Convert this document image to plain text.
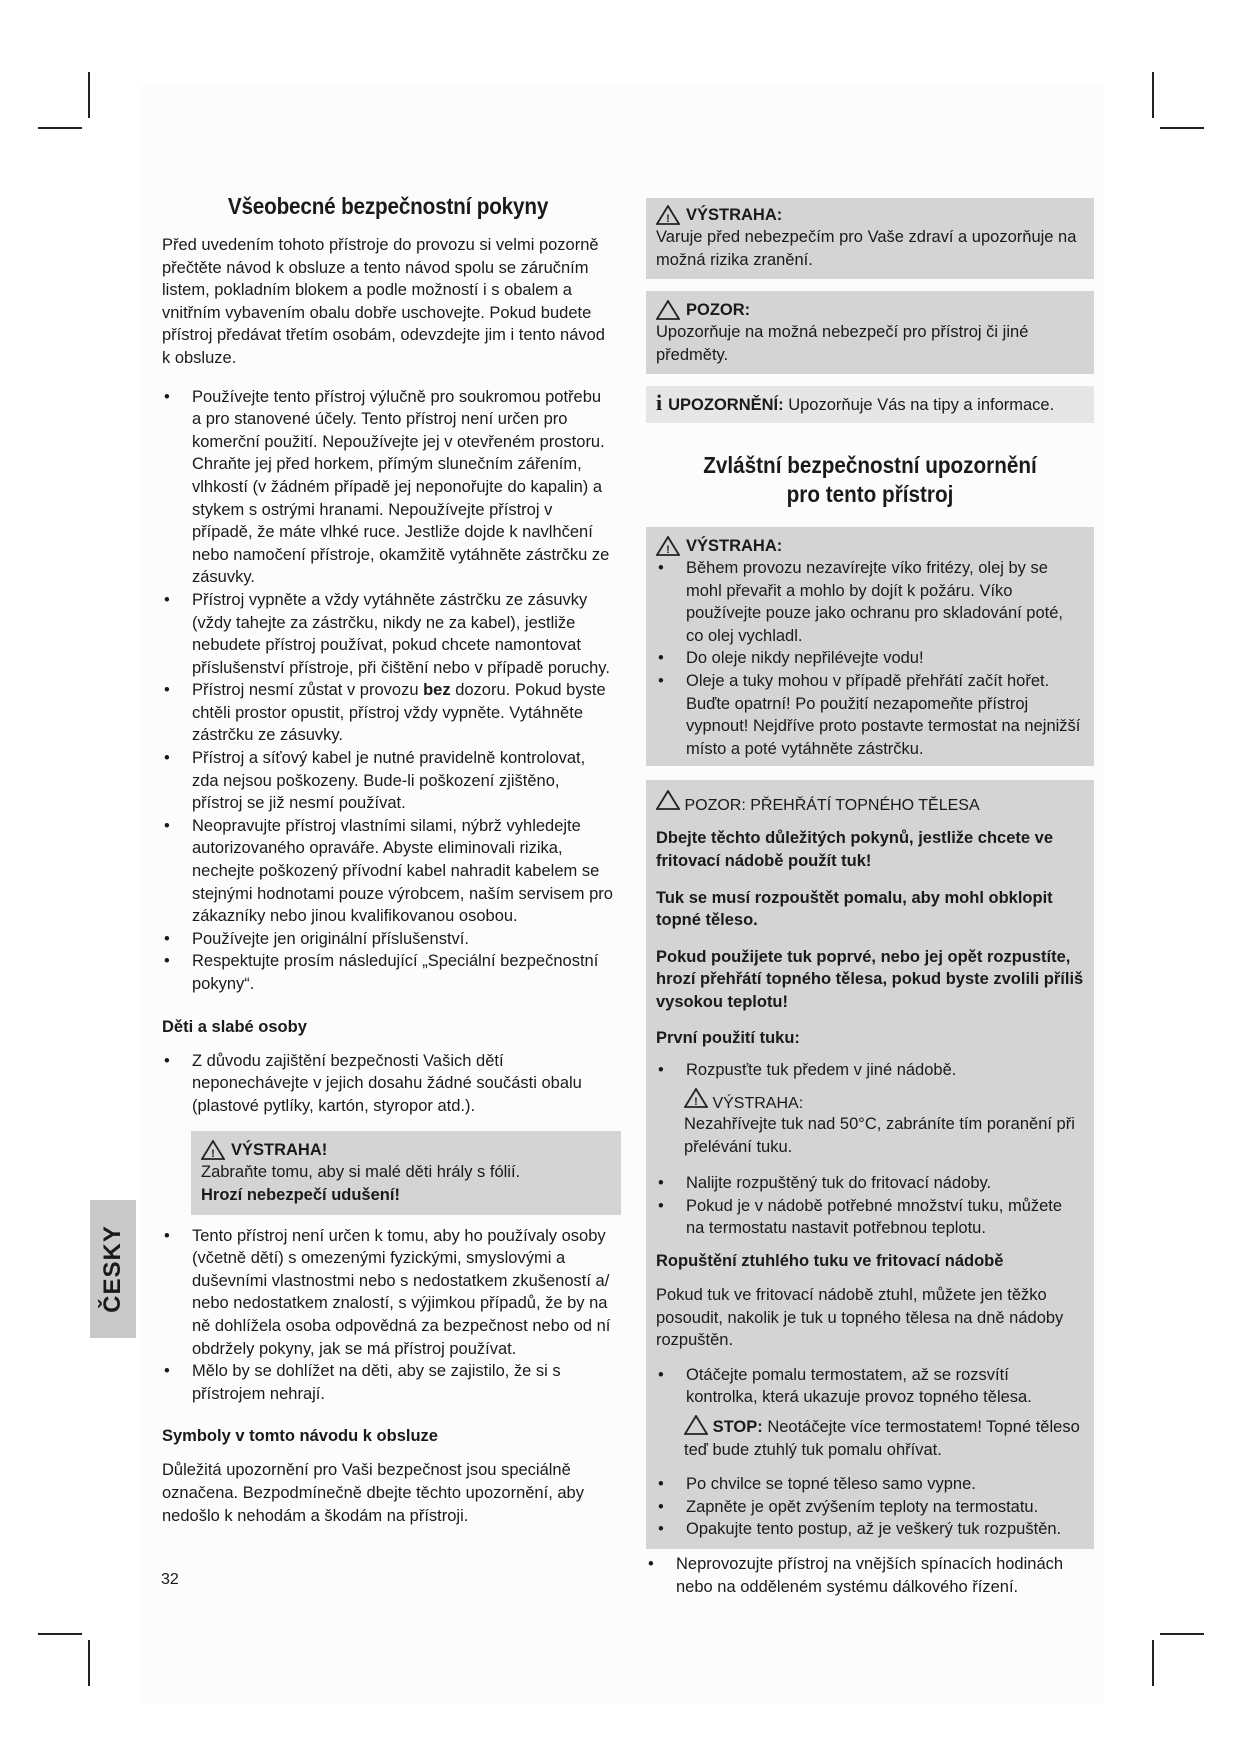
ČESKY
Všeobecné bezpečnostní pokyny

Před uvedením tohoto přístroje do provozu si velmi pozorně přečtěte návod k obsluze a tento návod spolu se záručním listem, pokladním blokem a podle možností i s obalem a vnitřním vybavením obalu dobře uschovejte. Pokud budete přístroj předávat třetím osobám, odevzdejte jim i tento návod k obsluze.

• Používejte tento přístroj výlučně pro soukromou potřebu a pro stanovené účely. Tento přístroj není určen pro komerční použití. Nepoužívejte jej v otevřeném prostoru. Chraňte jej před horkem, přímým slunečním zářením, vlhkostí (v žádném případě jej neponořujte do kapalin) a stykem s ostrými hranami. Nepoužívejte přístroj v případě, že máte vlhké ruce. Jestliže dojde k navlhčení nebo namočení přístroje, okamžitě vytáhněte zástrčku ze zásuvky.
• Přístroj vypněte a vždy vytáhněte zástrčku ze zásuvky (vždy tahejte za zástrčku, nikdy ne za kabel), jestliže nebudete přístroj používat, pokud chcete namontovat příslušenství přístroje, při čištění nebo v případě poruchy.
• Přístroj nesmí zůstat v provozu bez dozoru. Pokud byste chtěli prostor opustit, přístroj vždy vypněte. Vytáhněte zástrčku ze zásuvky.
• Přístroj a síťový kabel je nutné pravidelně kontrolovat, zda nejsou poškozeny. Bude-li poškození zjištěno, přístroj se již nesmí používat.
• Neopravujte přístroj vlastními silami, nýbrž vyhledejte autorizovaného opraváře. Abyste eliminovali rizika, nechejte poškozený přívodní kabel nahradit kabelem se stejnými hodnotami pouze výrobcem, naším servisem pro zákazníky nebo jinou kvalifikovanou osobou.
• Používejte jen originální příslušenství.
• Respektujte prosím následující „Speciální bezpečnostní pokyny“.
Děti a slabé osoby
• Z důvodu zajištění bezpečnosti Vašich dětí neponechávejte v jejich dosahu žádné součásti obalu (plastové pytlíky, kartón, styropor atd.).
! VÝSTRAHA!
Zabraňte tomu, aby si malé děti hrály s fólií.
Hrozí nebezpečí udušení!
• Tento přístroj není určen k tomu, aby ho používaly osoby (včetně dětí) s omezenými fyzickými, smyslovými a duševními vlastnostmi nebo s nedostatkem zkušeností a/ nebo nedostatkem znalostí, s výjimkou případů, že by na ně dohlížela osoba odpovědná za bezpečnost nebo od ní obdržely pokyny, jak se má přístroj používat.
• Mělo by se dohlížet na děti, aby se zajistilo, že si s přístrojem nehrají.
Symboly v tomto návodu k obsluze

Důležitá upozornění pro Vaši bezpečnost jsou speciálně označena. Bezpodmínečně dbejte těchto upozornění, aby nedošlo k nehodám a škodám na přístroji.

! VÝSTRAHA:
Varuje před nebezpečím pro Vaše zdraví a upozorňuje na možná rizika zranění.
POZOR:
Upozorňuje na možná nebezpečí pro přístroj či jiné předměty.
i UPOZORNĚNÍ: Upozorňuje Vás na tipy a informace.
Zvláštní bezpečnostní upozornění
pro tento přístroj
! VÝSTRAHA:
• Během provozu nezavírejte víko fritézy, olej by se mohl převařit a mohlo by dojít k požáru. Víko používejte pouze jako ochranu pro skladování poté, co olej vychladl.
• Do oleje nikdy nepřilévejte vodu!
• Oleje a tuky mohou v případě přehřátí začít hořet. Buďte opatrní! Po použití nezapomeňte přístroj vypnout! Nejdříve proto postavte termostat na nejnižší místo a poté vytáhněte zástrčku.
POZOR: PŘEHŘÁTÍ TOPNÉHO TĚLESA

Dbejte těchto důležitých pokynů, jestliže chcete ve fritovací nádobě použít tuk!

Tuk se musí rozpouštět pomalu, aby mohl obklopit topné těleso.

Pokud použijete tuk poprvé, nebo jej opět rozpustíte, hrozí přehřátí topného tělesa, pokud byste zvolili příliš vysokou teplotu!

První použití tuku:
• Rozpusťte tuk předem v jiné nádobě.
! VÝSTRAHA:
Nezahřívejte tuk nad 50°C, zabráníte tím poranění při přelévání tuku.
• Nalijte rozpuštěný tuk do fritovací nádoby.
• Pokud je v nádobě potřebné množství tuku, můžete na termostatu nastavit potřebnou teplotu.
Ropuštění ztuhlého tuku ve fritovací nádobě

Pokud tuk ve fritovací nádobě ztuhl, můžete jen těžko posoudit, nakolik je tuk u topného tělesa na dně nádoby rozpuštěn.

• Otáčejte pomalu termostatem, až se rozsvítí kontrolka, která ukazuje provoz topného tělesa.
STOP: Neotáčejte více termostatem! Topné těleso teď bude ztuhlý tuk pomalu ohřívat.
• Po chvilce se topné těleso samo vypne.
• Zapněte je opět zvýšením teploty na termostatu.
• Opakujte tento postup, až je veškerý tuk rozpuštěn.
• Neprovozujte přístroj na vnějších spínacích hodinách nebo na odděleném systému dálkového řízení.
32
